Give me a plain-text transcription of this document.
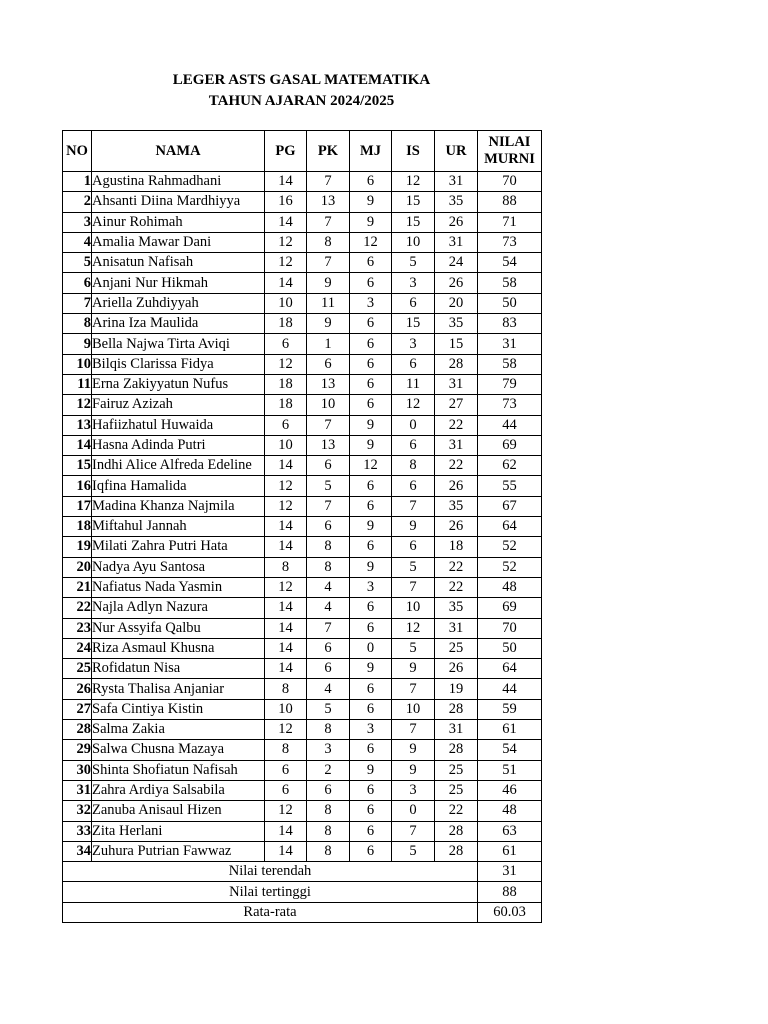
LEGER ASTS GASAL MATEMATIKA
TAHUN AJARAN 2024/2025
NO	NAMA	PG	PK	MJ	IS	UR	NILAI
MURNI
1	Agustina Rahmadhani	14	7	6	12	31	70
2	Ahsanti Diina Mardhiyya	16	13	9	15	35	88
3	Ainur Rohimah	14	7	9	15	26	71
4	Amalia Mawar Dani	12	8	12	10	31	73
5	Anisatun Nafisah	12	7	6	5	24	54
6	Anjani Nur Hikmah	14	9	6	3	26	58
7	Ariella Zuhdiyyah	10	11	3	6	20	50
8	Arina Iza Maulida	18	9	6	15	35	83
9	Bella Najwa Tirta Aviqi	6	1	6	3	15	31
10	Bilqis Clarissa Fidya	12	6	6	6	28	58
11	Erna Zakiyyatun Nufus	18	13	6	11	31	79
12	Fairuz Azizah	18	10	6	12	27	73
13	Hafiizhatul Huwaida	6	7	9	0	22	44
14	Hasna Adinda Putri	10	13	9	6	31	69
15	Indhi Alice Alfreda Edeline	14	6	12	8	22	62
16	Iqfina Hamalida	12	5	6	6	26	55
17	Madina Khanza Najmila	12	7	6	7	35	67
18	Miftahul Jannah	14	6	9	9	26	64
19	Milati Zahra Putri Hata	14	8	6	6	18	52
20	Nadya Ayu Santosa	8	8	9	5	22	52
21	Nafiatus Nada Yasmin	12	4	3	7	22	48
22	Najla Adlyn Nazura	14	4	6	10	35	69
23	Nur Assyifa Qalbu	14	7	6	12	31	70
24	Riza Asmaul Khusna	14	6	0	5	25	50
25	Rofidatun Nisa	14	6	9	9	26	64
26	Rysta Thalisa Anjaniar	8	4	6	7	19	44
27	Safa Cintiya Kistin	10	5	6	10	28	59
28	Salma Zakia	12	8	3	7	31	61
29	Salwa Chusna Mazaya	8	3	6	9	28	54
30	Shinta Shofiatun Nafisah	6	2	9	9	25	51
31	Zahra Ardiya Salsabila	6	6	6	3	25	46
32	Zanuba Anisaul Hizen	12	8	6	0	22	48
33	Zita Herlani	14	8	6	7	28	63
34	Zuhura Putrian Fawwaz	14	8	6	5	28	61
Nilai terendah							31
Nilai tertinggi							88
Rata-rata							60.03
